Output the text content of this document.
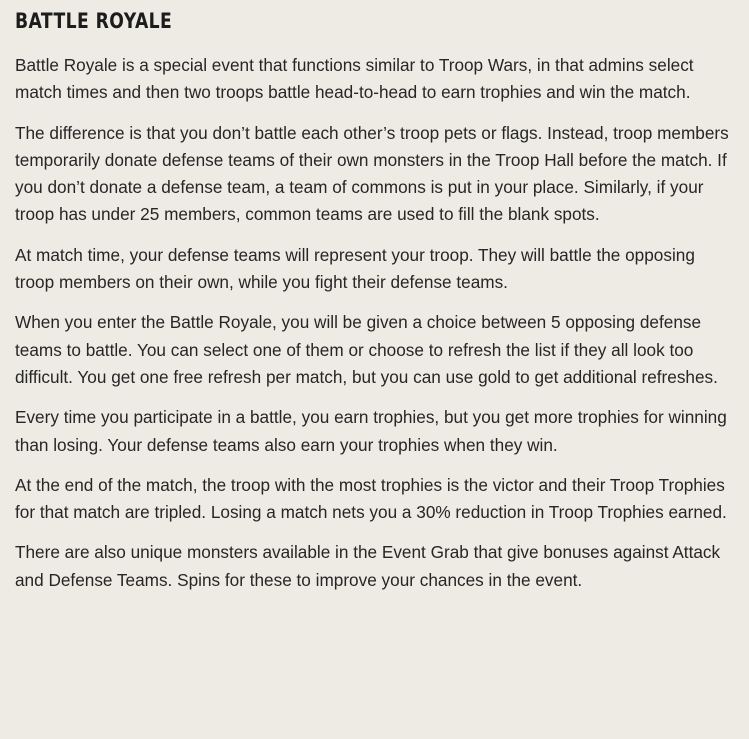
BATTLE ROYALE

Battle Royale is a special event that functions similar to Troop Wars, in that admins select match times and then two troops battle head-to-head to earn trophies and win the match.

The difference is that you don’t battle each other’s troop pets or flags. Instead, troop members temporarily donate defense teams of their own monsters in the Troop Hall before the match. If you don’t donate a defense team, a team of commons is put in your place. Similarly, if your troop has under 25 members, common teams are used to fill the blank spots.

At match time, your defense teams will represent your troop. They will battle the opposing troop members on their own, while you fight their defense teams.

When you enter the Battle Royale, you will be given a choice between 5 opposing defense teams to battle. You can select one of them or choose to refresh the list if they all look too difficult. You get one free refresh per match, but you can use gold to get additional refreshes.

Every time you participate in a battle, you earn trophies, but you get more trophies for winning than losing. Your defense teams also earn your trophies when they win.

At the end of the match, the troop with the most trophies is the victor and their Troop Trophies for that match are tripled. Losing a match nets you a 30% reduction in Troop Trophies earned.

There are also unique monsters available in the Event Grab that give bonuses against Attack and Defense Teams. Spins for these to improve your chances in the event.
